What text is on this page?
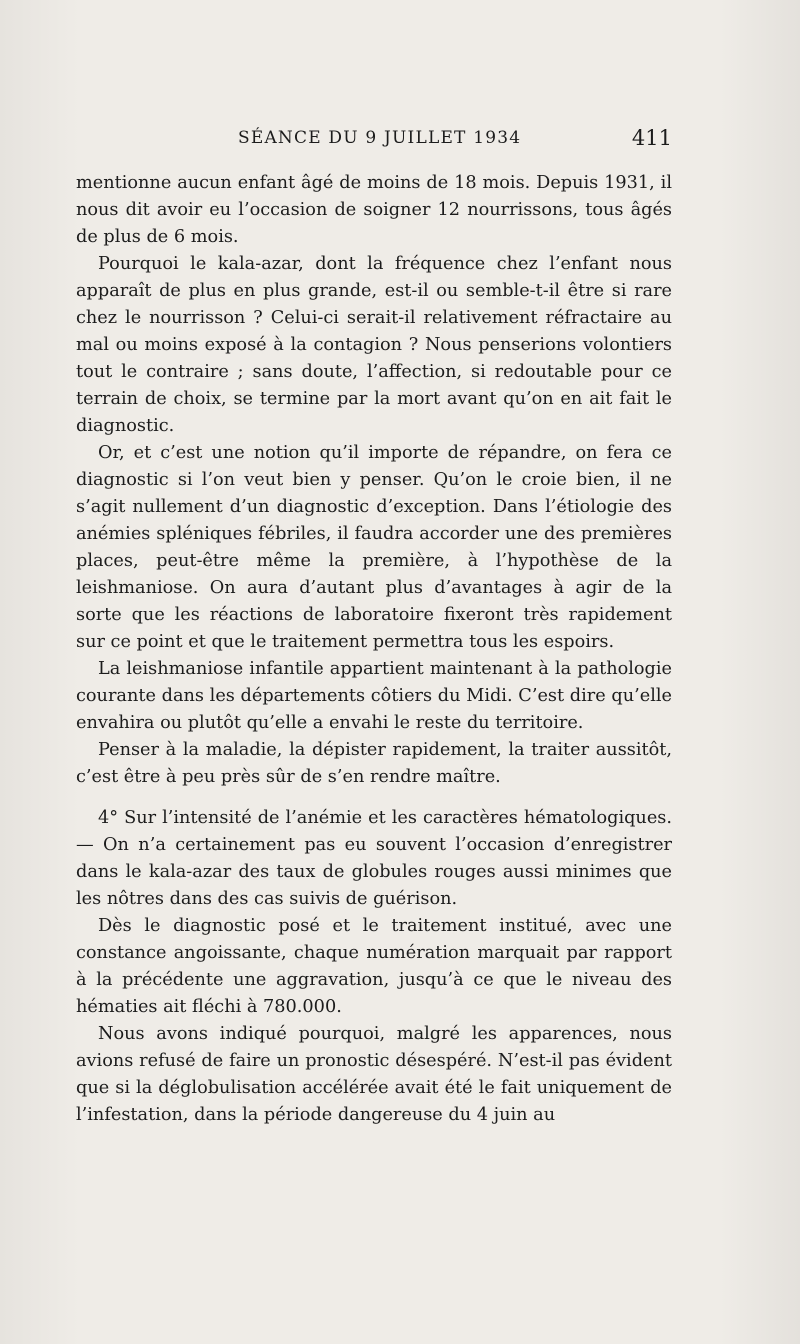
SÉANCE DU 9 JUILLET 1934	411

mentionne aucun enfant âgé de moins de 18 mois. Depuis 1931, il nous dit avoir eu l’occasion de soigner 12 nourrissons, tous âgés de plus de 6 mois.

Pourquoi le kala-azar, dont la fréquence chez l’enfant nous apparaît de plus en plus grande, est-il ou semble-t-il être si rare chez le nourrisson ? Celui-ci serait-il relativement réfractaire au mal ou moins exposé à la contagion ? Nous penserions volontiers tout le contraire ; sans doute, l’affection, si redoutable pour ce terrain de choix, se termine par la mort avant qu’on en ait fait le diagnostic.

Or, et c’est une notion qu’il importe de répandre, on fera ce diagnostic si l’on veut bien y penser. Qu’on le croie bien, il ne s’agit nullement d’un diagnostic d’exception. Dans l’étiologie des anémies spléniques fébriles, il faudra accorder une des premières places, peut-être même la première, à l’hypothèse de la leishmaniose. On aura d’autant plus d’avantages à agir de la sorte que les réactions de laboratoire fixeront très rapidement sur ce point et que le traitement permettra tous les espoirs.

La leishmaniose infantile appartient maintenant à la pathologie courante dans les départements côtiers du Midi. C’est dire qu’elle envahira ou plutôt qu’elle a envahi le reste du territoire.

Penser à la maladie, la dépister rapidement, la traiter aussitôt, c’est être à peu près sûr de s’en rendre maître.

4° Sur l’intensité de l’anémie et les caractères hématologiques. — On n’a certainement pas eu souvent l’occasion d’enregistrer dans le kala-azar des taux de globules rouges aussi minimes que les nôtres dans des cas suivis de guérison.

Dès le diagnostic posé et le traitement institué, avec une constance angoissante, chaque numération marquait par rapport à la précédente une aggravation, jusqu’à ce que le niveau des hématies ait fléchi à 780.000.

Nous avons indiqué pourquoi, malgré les apparences, nous avions refusé de faire un pronostic désespéré. N’est-il pas évident que si la déglobulisation accélérée avait été le fait uniquement de l’infestation, dans la période dangereuse du 4 juin au
